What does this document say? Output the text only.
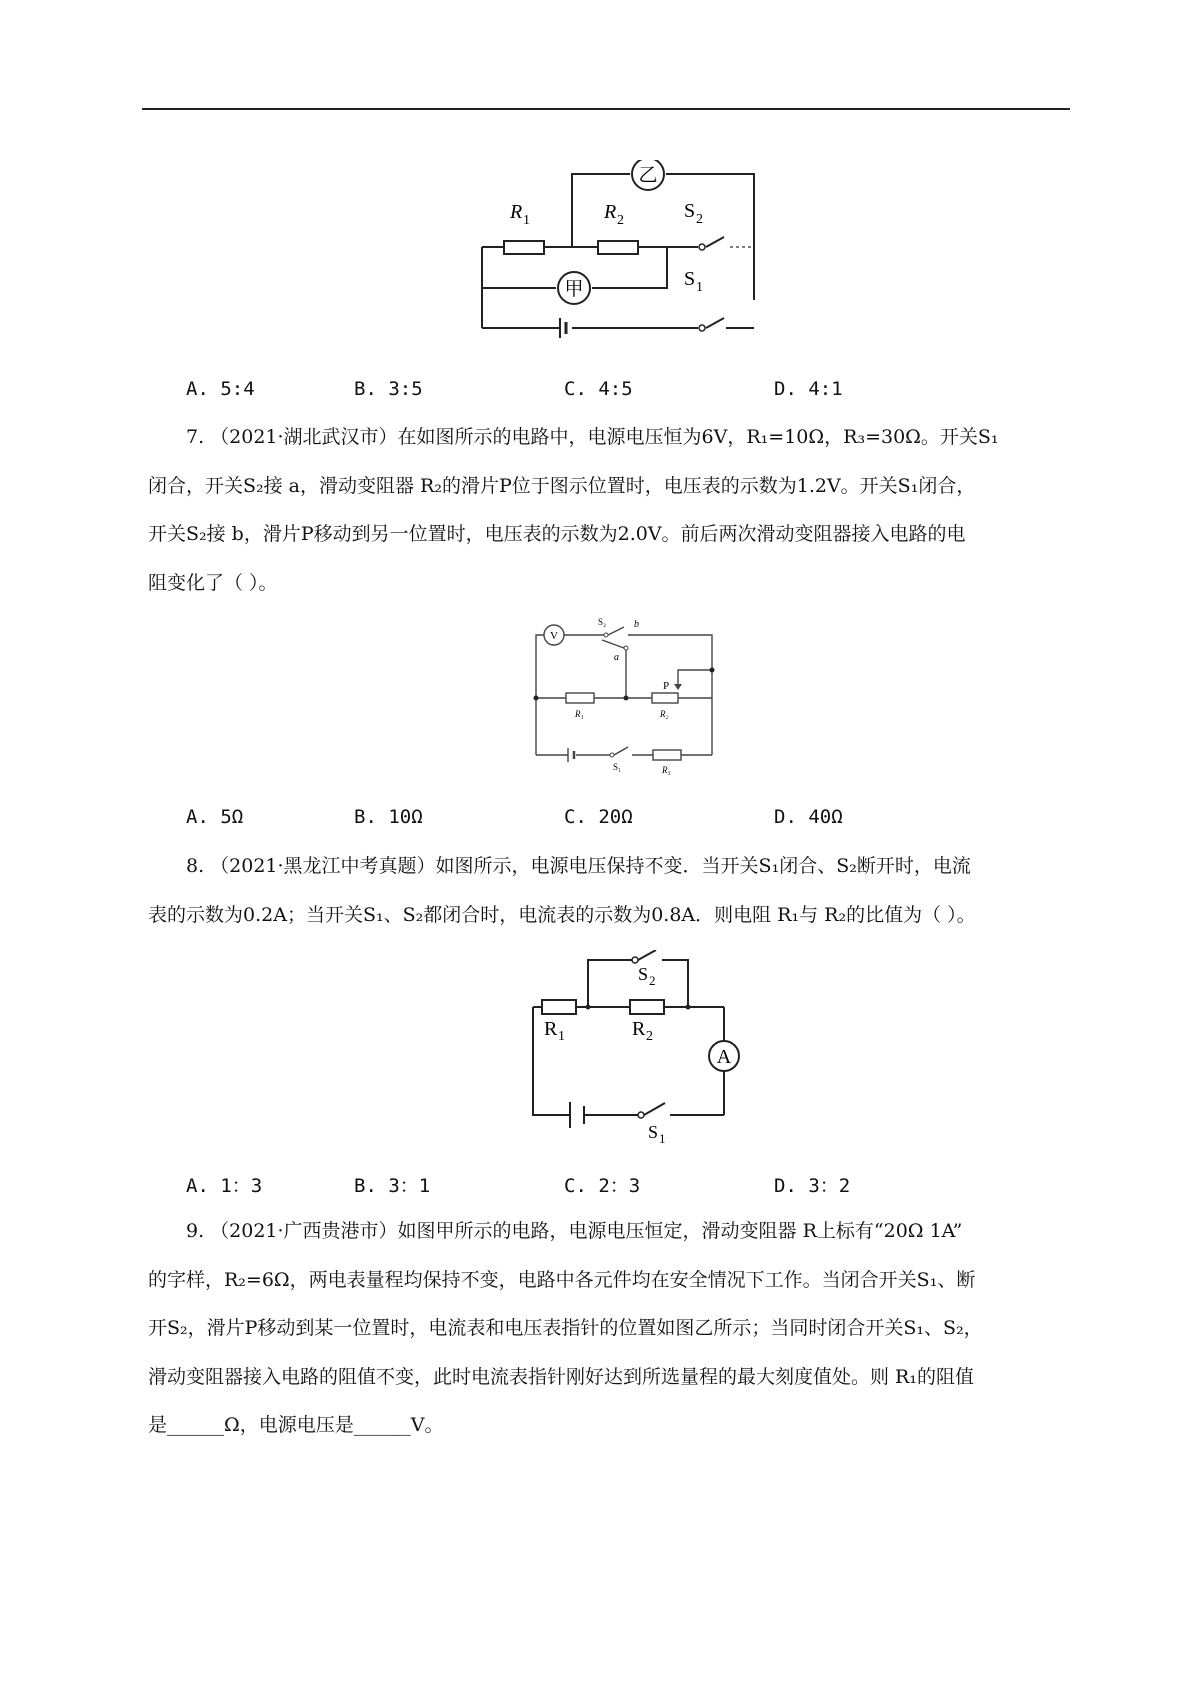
乙
甲
R 1	R 2	S 2
S 1
A. 5:4	B. 3:5	C. 4:5	D. 4:1
7. （2021·湖北武汉市）在如图所示的电路中，电源电压恒为6V，R₁=10Ω，R₃=30Ω。开关S₁
闭合，开关S₂接 a，滑动变阻器 R₂的滑片P位于图示位置时，电压表的示数为1.2V。开关S₁闭合，
开关S₂接 b，滑片P移动到另一位置时，电压表的示数为2.0V。前后两次滑动变阻器接入电路的电
阻变化了（ ）。
V
S₂	b
a
P
R₁	R₂
S₁	R₃
A. 5Ω	B. 10Ω	C. 20Ω	D. 40Ω
8. （2021·黑龙江中考真题）如图所示，电源电压保持不变．当开关S₁闭合、S₂断开时，电流
表的示数为0.2A；当开关S₁、S₂都闭合时，电流表的示数为0.8A．则电阻 R₁与 R₂的比值为（ ）。
A
S 2
R 1	R 2
S 1
A. 1：3	B. 3：1	C. 2：3	D. 3：2
9. （2021·广西贵港市）如图甲所示的电路，电源电压恒定，滑动变阻器 R上标有“20Ω 1A”
的字样，R₂=6Ω，两电表量程均保持不变，电路中各元件均在安全情况下工作。当闭合开关S₁、断
开S₂，滑片P移动到某一位置时，电流表和电压表指针的位置如图乙所示；当同时闭合开关S₁、S₂，
滑动变阻器接入电路的阻值不变，此时电流表指针刚好达到所选量程的最大刻度值处。则 R₁的阻值
是______Ω，电源电压是______V。
